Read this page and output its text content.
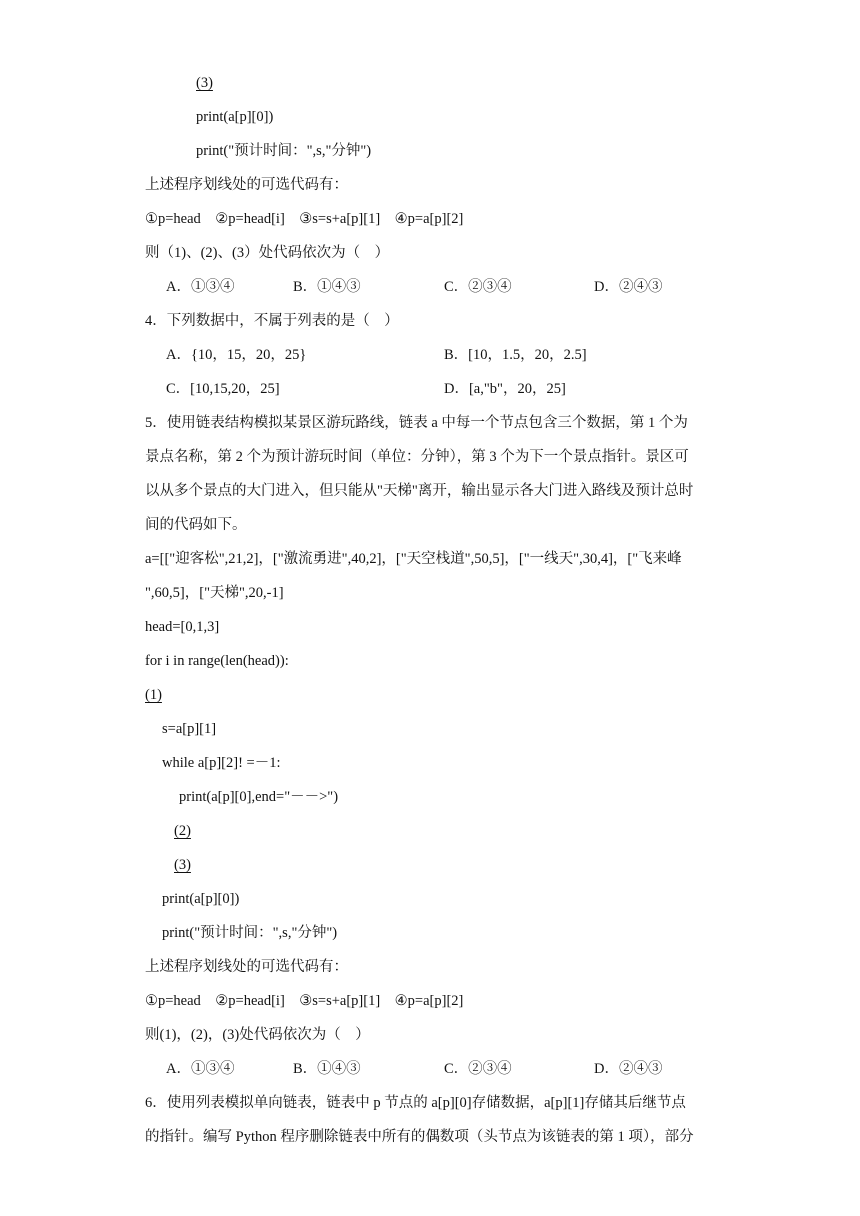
(3)
print(a[p][0])
print("预计时间：",s,"分钟")
上述程序划线处的可选代码有：
①p=head　②p=head[i]　③s=s+a[p][1]　④p=a[p][2]
则（1)、(2)、(3）处代码依次为（　）
A．①③④	B．①④③	C．②③④	D．②④③
4．下列数据中，不属于列表的是（　）
A．{10，15，20，25}	B．[10，1.5，20，2.5]
C．[10,15,20，25]	D．[a,"b"，20，25]
5．使用链表结构模拟某景区游玩路线，链表 a 中每一个节点包含三个数据，第 1 个为
景点名称，第 2 个为预计游玩时间（单位：分钟），第 3 个为下一个景点指针。景区可
以从多个景点的大门进入，但只能从"天梯"离开，输出显示各大门进入路线及预计总时
间的代码如下。
a=[["迎客松",21,2]，["激流勇进",40,2]，["天空栈道",50,5]，["一线天",30,4]，["飞来峰
",60,5]，["天梯",20,-1]
head=[0,1,3]
for i in range(len(head)):
(1)
s=a[p][1]
while a[p][2]! =－1:
print(a[p][0],end="－－>")
(2)
(3)
print(a[p][0])
print("预计时间：",s,"分钟")
上述程序划线处的可选代码有：
①p=head　②p=head[i]　③s=s+a[p][1]　④p=a[p][2]
则(1)，(2)，(3)处代码依次为（　）
A．①③④	B．①④③	C．②③④	D．②④③
6．使用列表模拟单向链表，链表中 p 节点的 a[p][0]存储数据，a[p][1]存储其后继节点
的指针。编写 Python 程序删除链表中所有的偶数项（头节点为该链表的第 1 项），部分
